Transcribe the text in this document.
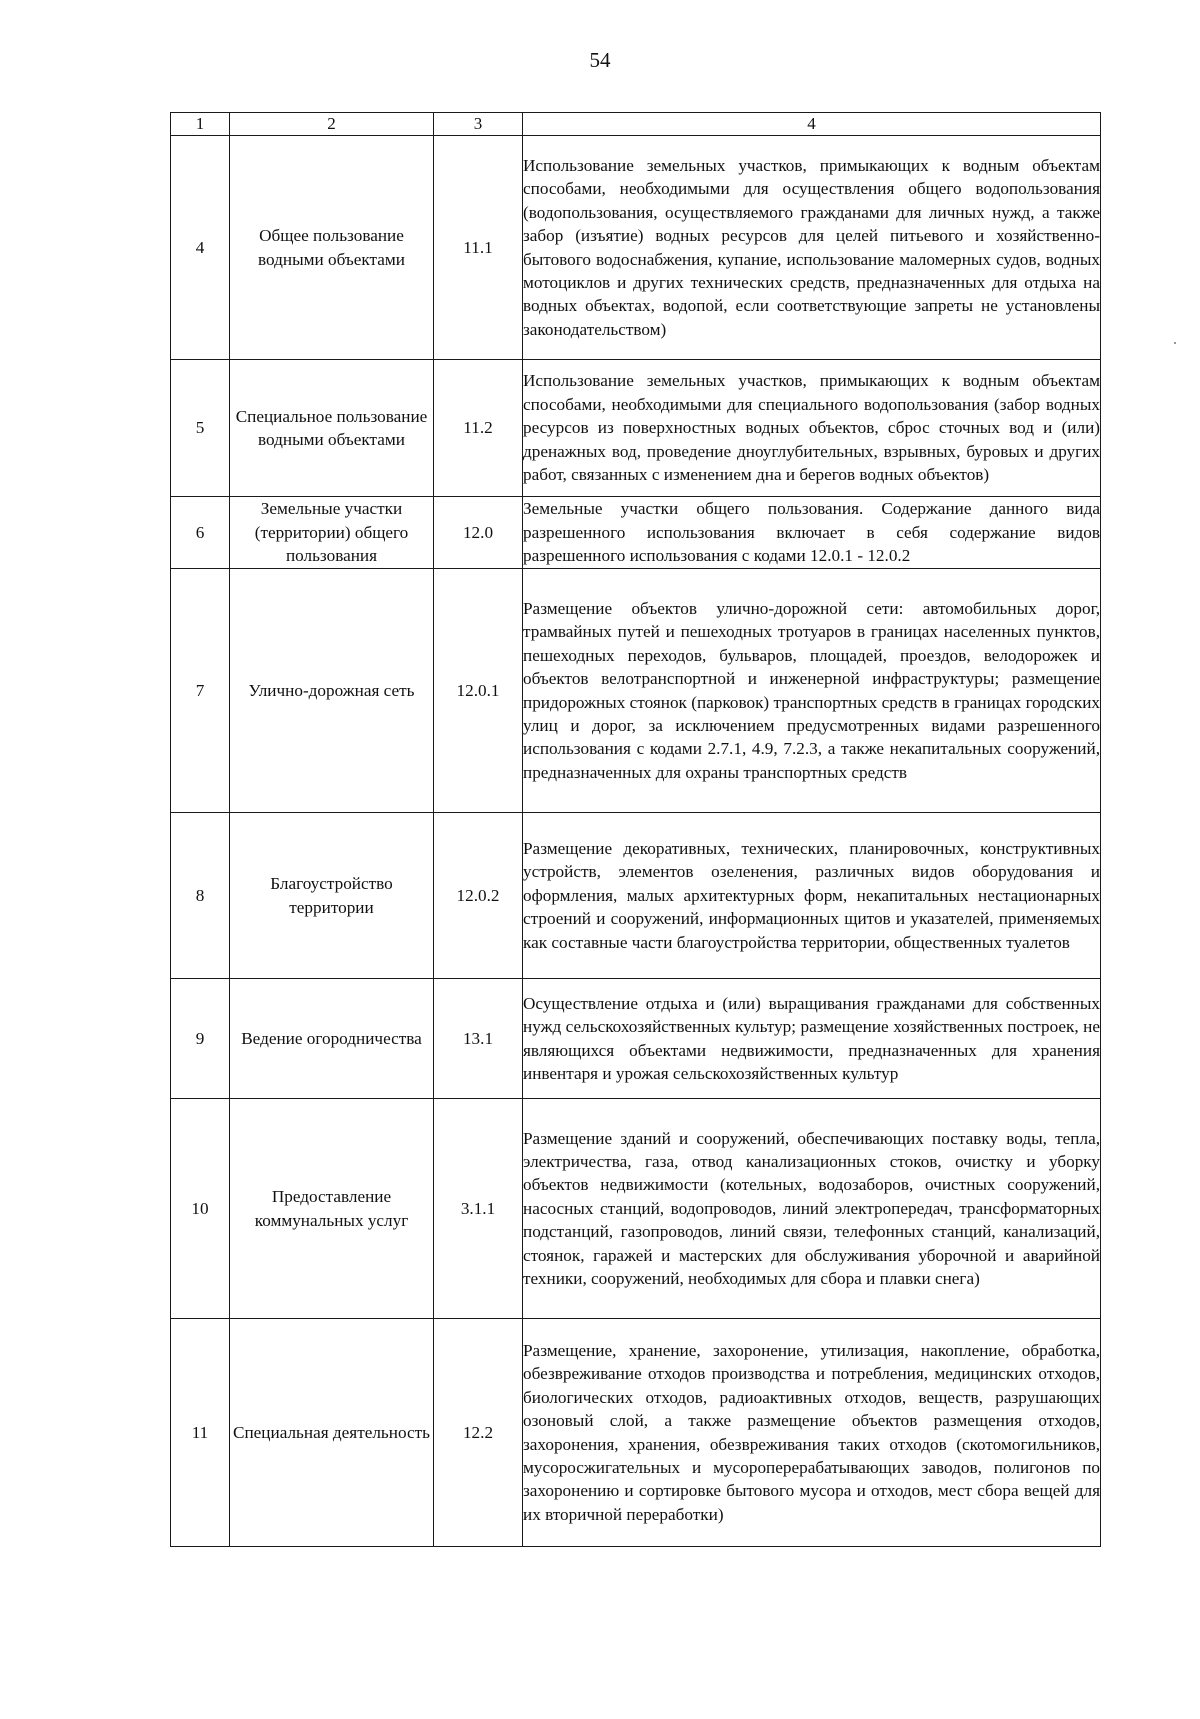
54
1	2	3	4
4	Общее пользование водными объектами	11.1	Использование земельных участков, примыкающих к водным объектам способами, необходимыми для осуществления общего водопользования (водопользования, осуществляемого гражданами для личных нужд, а также забор (изъятие) водных ресурсов для целей питьевого и хозяйственно-бытового водоснабжения, купание, использование маломерных судов, водных мотоциклов и других технических средств, предназначенных для отдыха на водных объектах, водопой, если соответствующие запреты не установлены законодательством)
5	Специальное пользование водными объектами	11.2	Использование земельных участков, примыкающих к водным объектам способами, необходимыми для специального водопользования (забор водных ресурсов из поверхностных водных объектов, сброс сточных вод и (или) дренажных вод, проведение дноуглубительных, взрывных, буровых и других работ, связанных с изменением дна и берегов водных объектов)
6	Земельные участки (территории) общего пользования	12.0	Земельные участки общего пользования. Содержание данного вида разрешенного использования включает в себя содержание видов разрешенного использования с кодами 12.0.1 - 12.0.2
7	Улично-дорожная сеть	12.0.1	Размещение объектов улично-дорожной сети: автомобильных дорог, трамвайных путей и пешеходных тротуаров в границах населенных пунктов, пешеходных переходов, бульваров, площадей, проездов, велодорожек и объектов велотранспортной и инженерной инфраструктуры; размещение придорожных стоянок (парковок) транспортных средств в границах городских улиц и дорог, за исключением предусмотренных видами разрешенного использования с кодами 2.7.1, 4.9, 7.2.3, а также некапитальных сооружений, предназначенных для охраны транспортных средств
8	Благоустройство территории	12.0.2	Размещение декоративных, технических, планировочных, конструктивных устройств, элементов озеленения, различных видов оборудования и оформления, малых архитектурных форм, некапитальных нестационарных строений и сооружений, информационных щитов и указателей, применяемых как составные части благоустройства территории, общественных туалетов
9	Ведение огородничества	13.1	Осуществление отдыха и (или) выращивания гражданами для собственных нужд сельскохозяйственных культур; размещение хозяйственных построек, не являющихся объектами недвижимости, предназначенных для хранения инвентаря и урожая сельскохозяйственных культур
10	Предоставление коммунальных услуг	3.1.1	Размещение зданий и сооружений, обеспечивающих поставку воды, тепла, электричества, газа, отвод канализационных стоков, очистку и уборку объектов недвижимости (котельных, водозаборов, очистных сооружений, насосных станций, водопроводов, линий электропередач, трансформаторных подстанций, газопроводов, линий связи, телефонных станций, канализаций, стоянок, гаражей и мастерских для обслуживания уборочной и аварийной техники, сооружений, необходимых для сбора и плавки снега)
11	Специальная деятельность	12.2	Размещение, хранение, захоронение, утилизация, накопление, обработка, обезвреживание отходов производства и потребления, медицинских отходов, биологических отходов, радиоактивных отходов, веществ, разрушающих озоновый слой, а также размещение объектов размещения отходов, захоронения, хранения, обезвреживания таких отходов (скотомогильников, мусоросжигательных и мусороперерабатывающих заводов, полигонов по захоронению и сортировке бытового мусора и отходов, мест сбора вещей для их вторичной переработки)
